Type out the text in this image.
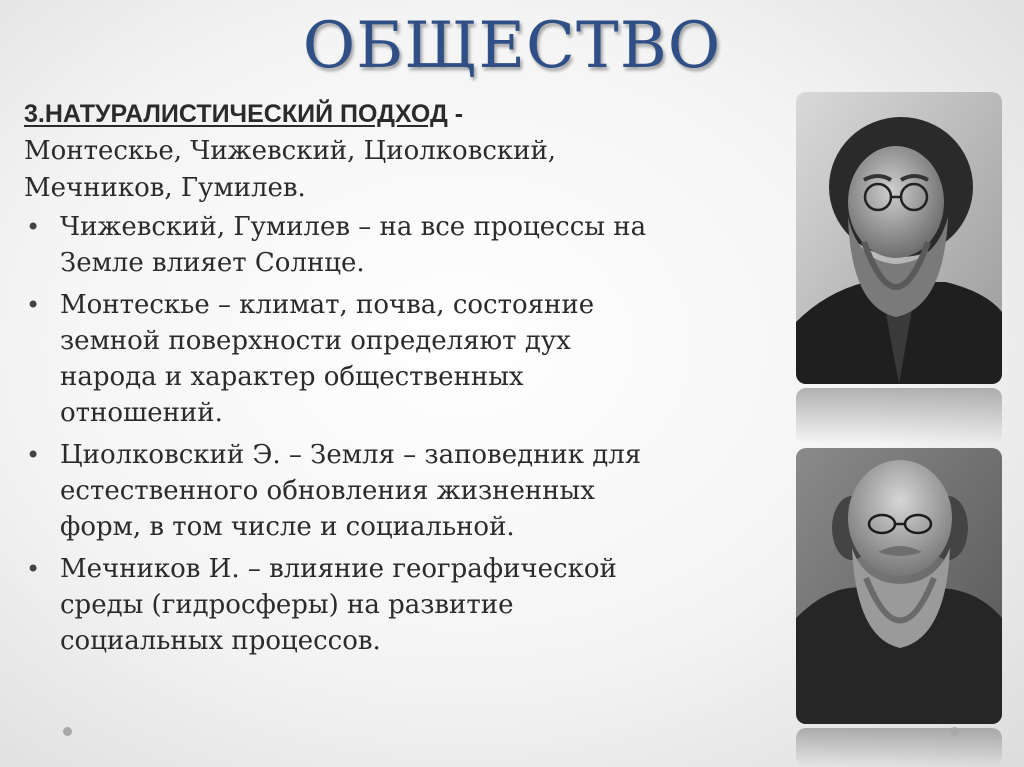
ОБЩЕСТВО

3.НАТУРАЛИСТИЧЕСКИЙ ПОДХОД -
Монтескье, Чижевский, Циолковский,
Мечников, Гумилев.

• Чижевский, Гумилев – на все процессы на
Земле влияет Солнце.
• Монтескье – климат, почва, состояние
земной поверхности определяют дух
народа и характер общественных
отношений.
• Циолковский Э. – Земля – заповедник для
естественного обновления жизненных
форм, в том числе и социальной.
• Мечников И. – влияние географической
среды (гидросферы) на развитие
социальных процессов.
